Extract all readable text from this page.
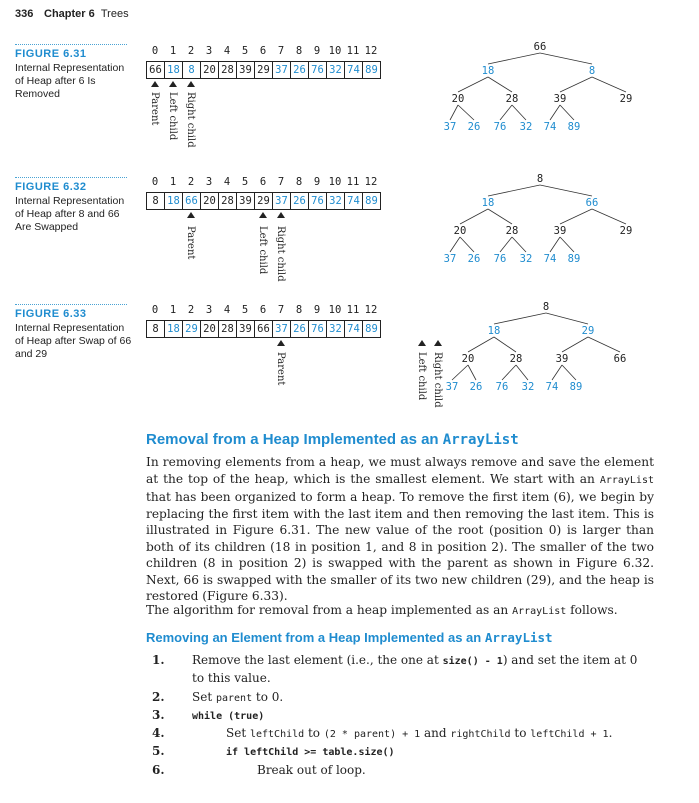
336 Chapter 6 Trees
FIGURE 6.31
Internal Representation of Heap after 6 Is Removed
0	1	2	3	4	5	6	7	8	9 10 11 12
66 18 8 20 28 39 29 37 26 76 32 74 89
Parent Left child Right child
66
18	8
20	28	39	29
37 26 76 32 74 89
FIGURE 6.32
Internal Representation of Heap after 8 and 66 Are Swapped
0	1	2	3	4	5	6	7	8	9 10 11 12
8 18 66 20 28 39 29 37 26 76 32 74 89
Parent	Left child Right child
8
18	66
20	28	39	29
37 26 76 32 74 89
FIGURE 6.33
Internal Representation of Heap after Swap of 66 and 29
0	1	2	3	4	5	6	7	8	9 10 11 12
8 18 29 20 28 39 66 37 26 76 32 74 89
Parent	Left child Right child
8
18	29
20	28	39	66
37 26 76 32 74 89
Removal from a Heap Implemented as an ArrayList
In removing elements from a heap, we must always remove and save the element at the top of the heap, which is the smallest element. We start with an ArrayList that has been organized to form a heap. To remove the first item (6), we begin by replacing the first item with the last item and then removing the last item. This is illustrated in Figure 6.31. The new value of the root (position 0) is larger than both of its children (18 in position 1, and 8 in position 2). The smaller of the two children (8 in position 2) is swapped with the parent as shown in Figure 6.32. Next, 66 is swapped with the smaller of its two new children (29), and the heap is restored (Figure 6.33).
The algorithm for removal from a heap implemented as an ArrayList follows.
Removing an Element from a Heap Implemented as an ArrayList
1. Remove the last element (i.e., the one at size() - 1) and set the item at 0 to this value.
2. Set parent to 0.
3.	while (true)
4.	Set leftChild to (2 * parent) + 1 and rightChild to leftChild + 1.
5.	if leftChild >= table.size()
6.	Break out of loop.
